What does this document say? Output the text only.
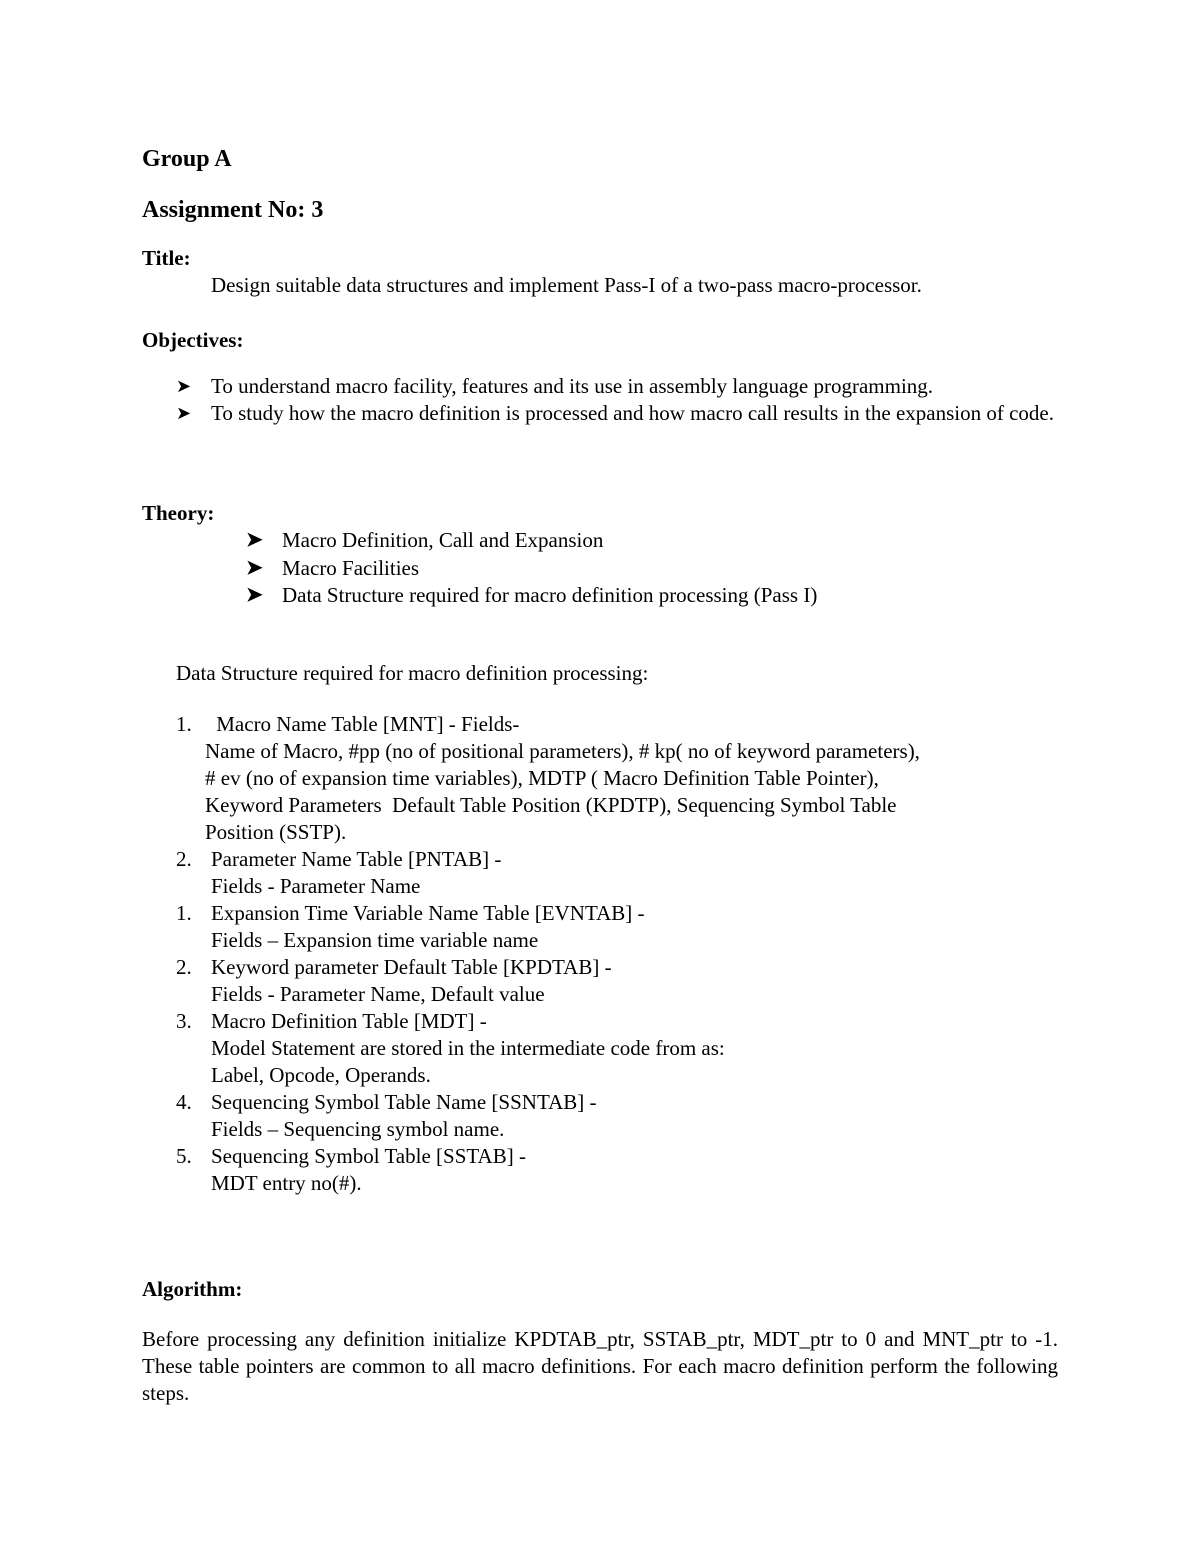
Group A
Assignment No: 3
Title:
Design suitable data structures and implement Pass-I of a two-pass macro-processor.
Objectives:
➤ To understand macro facility, features and its use in assembly language programming.
➤ To study how the macro definition is processed and how macro call results in the expansion of code.
Theory:
➤ Macro Definition, Call and Expansion
➤ Macro Facilities
➤ Data Structure required for macro definition processing (Pass I)
Data Structure required for macro definition processing:
1. Macro Name Table [MNT] - Fields-
Name of Macro, #pp (no of positional parameters), # kp( no of keyword parameters),
# ev (no of expansion time variables), MDTP ( Macro Definition Table Pointer),
Keyword Parameters  Default Table Position (KPDTP), Sequencing Symbol Table
Position (SSTP).
2. Parameter Name Table [PNTAB] -
Fields - Parameter Name
1. Expansion Time Variable Name Table [EVNTAB] -
Fields – Expansion time variable name
2. Keyword parameter Default Table [KPDTAB] -
Fields - Parameter Name, Default value
3. Macro Definition Table [MDT] -
Model Statement are stored in the intermediate code from as:
Label, Opcode, Operands.
4. Sequencing Symbol Table Name [SSNTAB] -
Fields – Sequencing symbol name.
5. Sequencing Symbol Table [SSTAB] -
MDT entry no(#).
Algorithm:
Before processing any definition initialize KPDTAB_ptr, SSTAB_ptr, MDT_ptr to 0 and MNT_ptr to -1. These table pointers are common to all macro definitions. For each macro definition perform the following steps.
